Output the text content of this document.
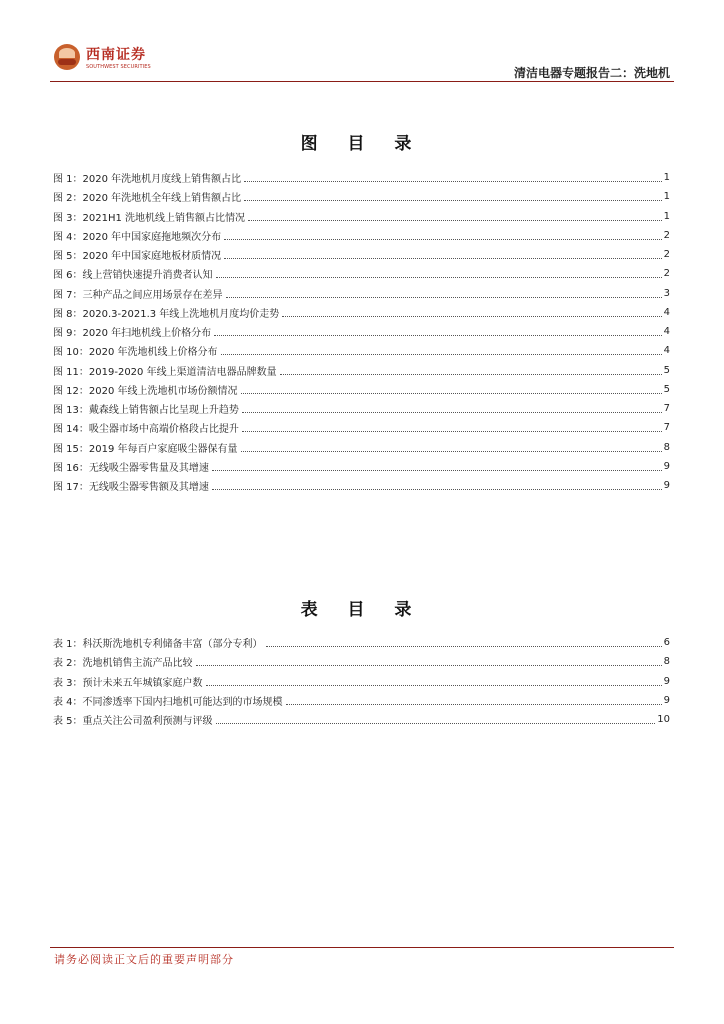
西南证券
SOUTHWEST SECURITIES	清洁电器专题报告二：洗地机
图 目 录
图 1：2020 年洗地机月度线上销售额占比	1
图 2：2020 年洗地机全年线上销售额占比	1
图 3：2021H1 洗地机线上销售额占比情况	1
图 4：2020 年中国家庭拖地频次分布	2
图 5：2020 年中国家庭地板材质情况	2
图 6：线上营销快速提升消费者认知	2
图 7：三种产品之间应用场景存在差异	3
图 8：2020.3-2021.3 年线上洗地机月度均价走势	4
图 9：2020 年扫地机线上价格分布	4
图 10：2020 年洗地机线上价格分布	4
图 11：2019-2020 年线上渠道清洁电器品牌数量	5
图 12：2020 年线上洗地机市场份额情况	5
图 13：戴森线上销售额占比呈现上升趋势	7
图 14：吸尘器市场中高端价格段占比提升	7
图 15：2019 年每百户家庭吸尘器保有量	8
图 16：无线吸尘器零售量及其增速	9
图 17：无线吸尘器零售额及其增速	9
表 目 录
表 1：科沃斯洗地机专利储备丰富（部分专利）	6
表 2：洗地机销售主流产品比较	8
表 3：预计未来五年城镇家庭户数	9
表 4：不同渗透率下国内扫地机可能达到的市场规模	9
表 5：重点关注公司盈利预测与评级	10
请务必阅读正文后的重要声明部分
